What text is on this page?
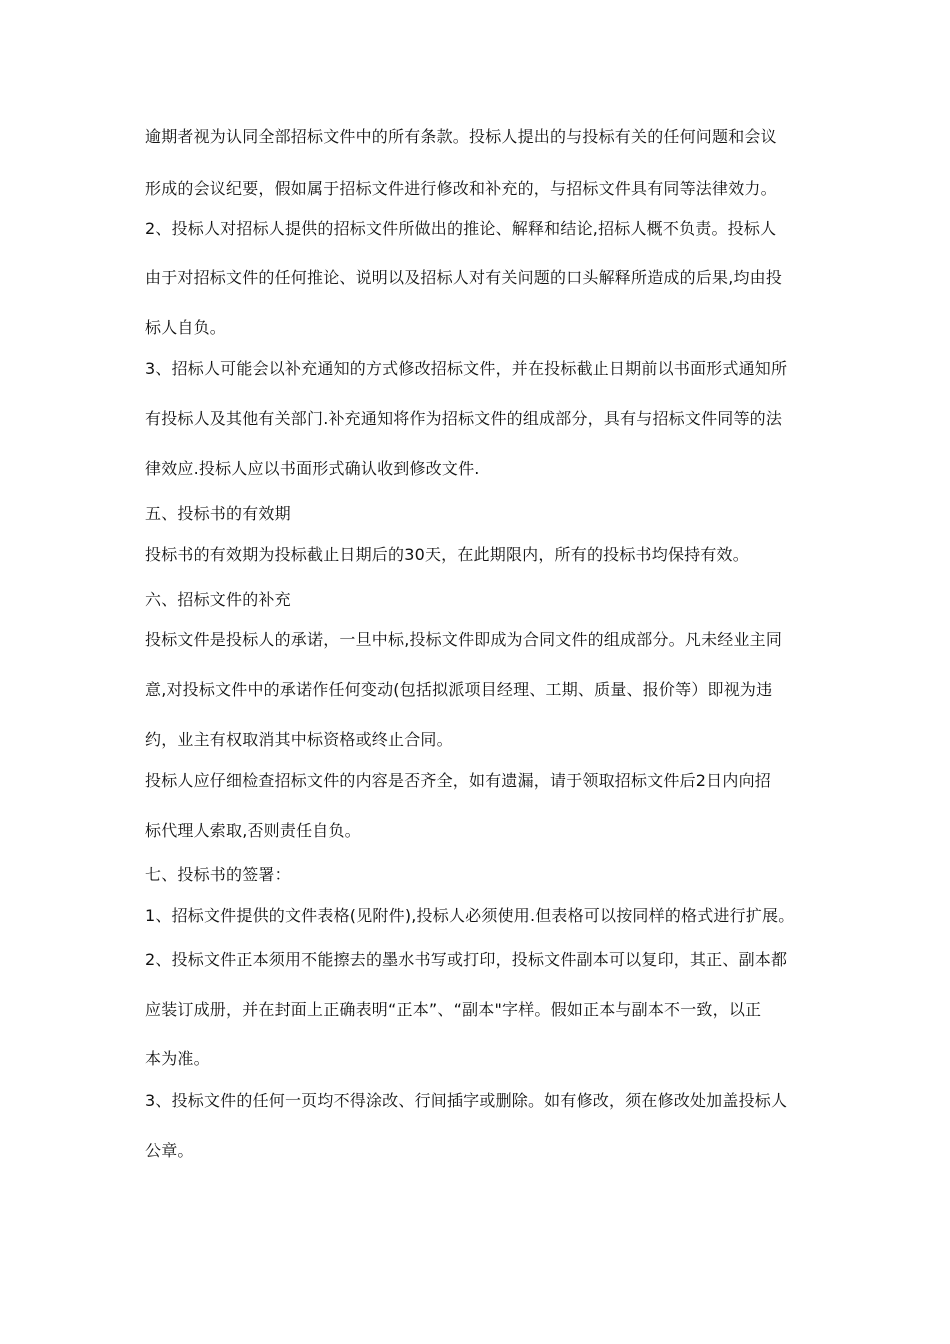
逾期者视为认同全部招标文件中的所有条款。投标人提出的与投标有关的任何问题和会议
形成的会议纪要，假如属于招标文件进行修改和补充的，与招标文件具有同等法律效力。
2、投标人对招标人提供的招标文件所做出的推论、解释和结论,招标人概不负责。投标人
由于对招标文件的任何推论、说明以及招标人对有关问题的口头解释所造成的后果,均由投
标人自负。
3、招标人可能会以补充通知的方式修改招标文件，并在投标截止日期前以书面形式通知所
有投标人及其他有关部门.补充通知将作为招标文件的组成部分，具有与招标文件同等的法
律效应.投标人应以书面形式确认收到修改文件.
五、投标书的有效期
投标书的有效期为投标截止日期后的30天，在此期限内，所有的投标书均保持有效。
六、招标文件的补充
投标文件是投标人的承诺，一旦中标,投标文件即成为合同文件的组成部分。凡未经业主同
意,对投标文件中的承诺作任何变动(包括拟派项目经理、工期、质量、报价等）即视为违
约，业主有权取消其中标资格或终止合同。
投标人应仔细检查招标文件的内容是否齐全，如有遗漏，请于领取招标文件后2日内向招
标代理人索取,否则责任自负。
七、投标书的签署：
1、招标文件提供的文件表格(见附件),投标人必须使用.但表格可以按同样的格式进行扩展。
2、投标文件正本须用不能擦去的墨水书写或打印，投标文件副本可以复印，其正、副本都
应装订成册，并在封面上正确表明“正本”、“副本"字样。假如正本与副本不一致，以正
本为准。
3、投标文件的任何一页均不得涂改、行间插字或删除。如有修改，须在修改处加盖投标人
公章。
